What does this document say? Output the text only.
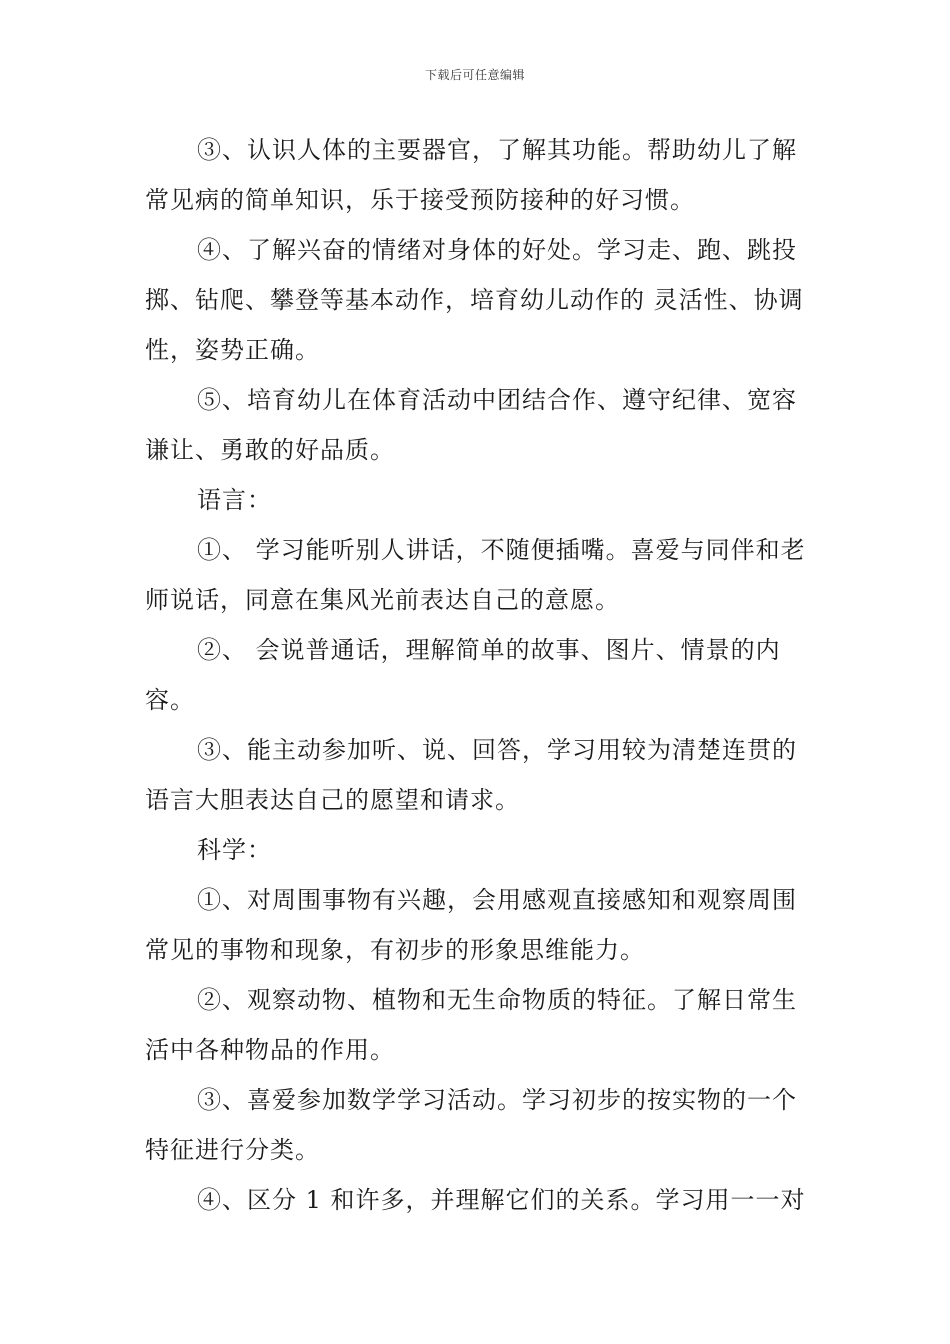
下载后可任意编辑

③、认识人体的主要器官，了解其功能。帮助幼儿了解常见病的简单知识，乐于接受预防接种的好习惯。

④、了解兴奋的情绪对身体的好处。学习走、跑、跳投掷、钻爬、攀登等基本动作，培育幼儿动作的 灵活性、协调性，姿势正确。

⑤、培育幼儿在体育活动中团结合作、遵守纪律、宽容谦让、勇敢的好品质。

语言：

①、 学习能听别人讲话，不随便插嘴。喜爱与同伴和老师说话，同意在集风光前表达自己的意愿。

②、 会说普通话，理解简单的故事、图片、情景的内容。

③、能主动参加听、说、回答，学习用较为清楚连贯的语言大胆表达自己的愿望和请求。

科学：

①、对周围事物有兴趣，会用感观直接感知和观察周围常见的事物和现象，有初步的形象思维能力。

②、观察动物、植物和无生命物质的特征。了解日常生活中各种物品的作用。

③、喜爱参加数学学习活动。学习初步的按实物的一个特征进行分类。

④、区分 1 和许多，并理解它们的关系。学习用一一对
